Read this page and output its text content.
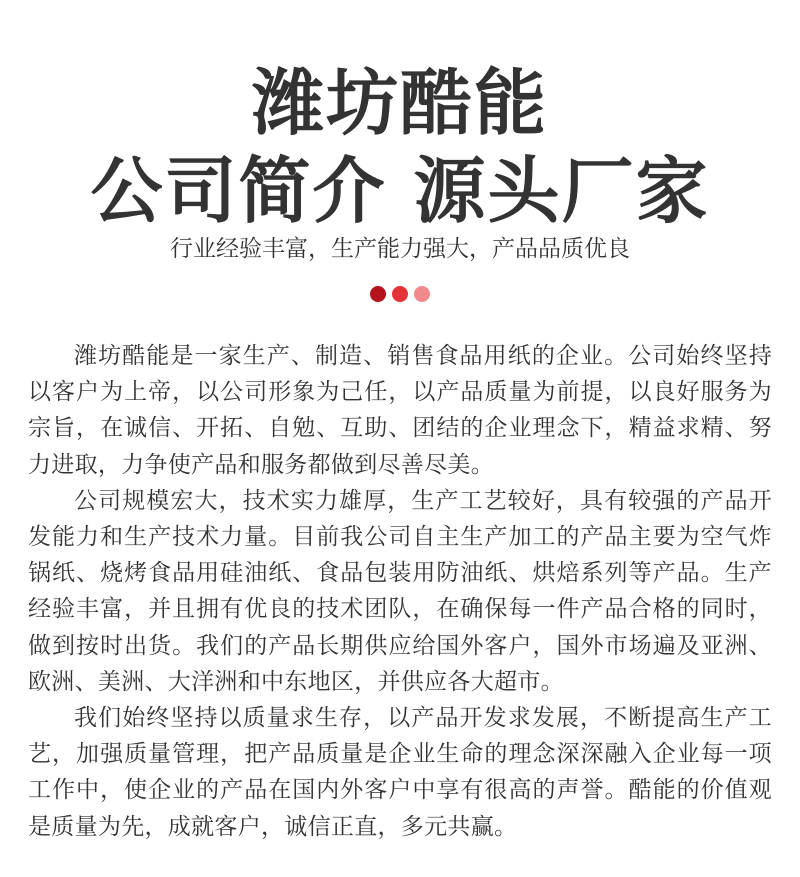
潍坊酷能
公司简介 源头厂家
行业经验丰富，生产能力强大，产品品质优良

潍坊酷能是一家生产、制造、销售食品用纸的企业。公司始终坚持以客户为上帝，以公司形象为己任，以产品质量为前提，以良好服务为宗旨，在诚信、开拓、自勉、互助、团结的企业理念下，精益求精、努力进取，力争使产品和服务都做到尽善尽美。

公司规模宏大，技术实力雄厚，生产工艺较好，具有较强的产品开发能力和生产技术力量。目前我公司自主生产加工的产品主要为空气炸锅纸、烧烤食品用硅油纸、食品包装用防油纸、烘焙系列等产品。生产经验丰富，并且拥有优良的技术团队，在确保每一件产品合格的同时，做到按时出货。我们的产品长期供应给国外客户，国外市场遍及亚洲、欧洲、美洲、大洋洲和中东地区，并供应各大超市。

我们始终坚持以质量求生存，以产品开发求发展，不断提高生产工艺，加强质量管理，把产品质量是企业生命的理念深深融入企业每一项工作中，使企业的产品在国内外客户中享有很高的声誉。酷能的价值观是质量为先，成就客户，诚信正直，多元共赢。
